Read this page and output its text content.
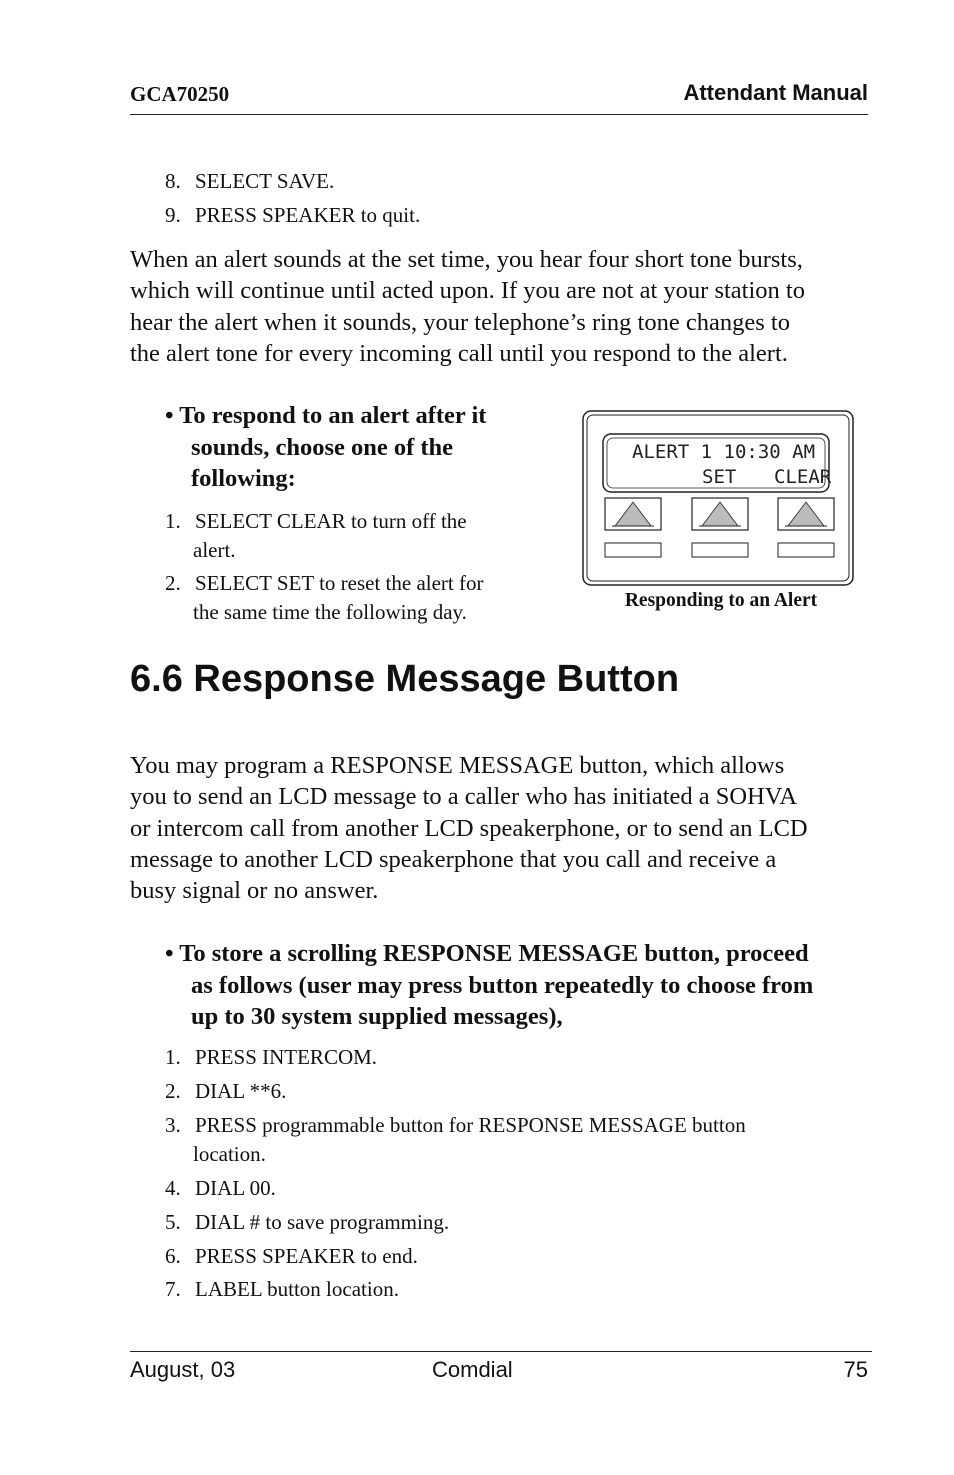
GCA70250	Attendant Manual
8. SELECT SAVE.
9. PRESS SPEAKER to quit.
When an alert sounds at the set time, you hear four short tone bursts,
which will continue until acted upon. If you are not at your station to
hear the alert when it sounds, your telephone’s ring tone changes to
the alert tone for every incoming call until you respond to the alert.
• To respond to an alert after it
sounds, choose one of the
following:
1. SELECT CLEAR to turn off the
alert.
2. SELECT SET to reset the alert for
the same time the following day.
ALERT 1 10:30 AM
SET CLEAR
Responding to an Alert
6.6 Response Message Button
You may program a RESPONSE MESSAGE button, which allows
you to send an LCD message to a caller who has initiated a SOHVA
or intercom call from another LCD speakerphone, or to send an LCD
message to another LCD speakerphone that you call and receive a
busy signal or no answer.
• To store a scrolling RESPONSE MESSAGE button, proceed
as follows (user may press button repeatedly to choose from
up to 30 system supplied messages),
1. PRESS INTERCOM.
2. DIAL **6.
3. PRESS programmable button for RESPONSE MESSAGE button
location.
4. DIAL 00.
5. DIAL # to save programming.
6. PRESS SPEAKER to end.
7. LABEL button location.
August, 03	Comdial	75
